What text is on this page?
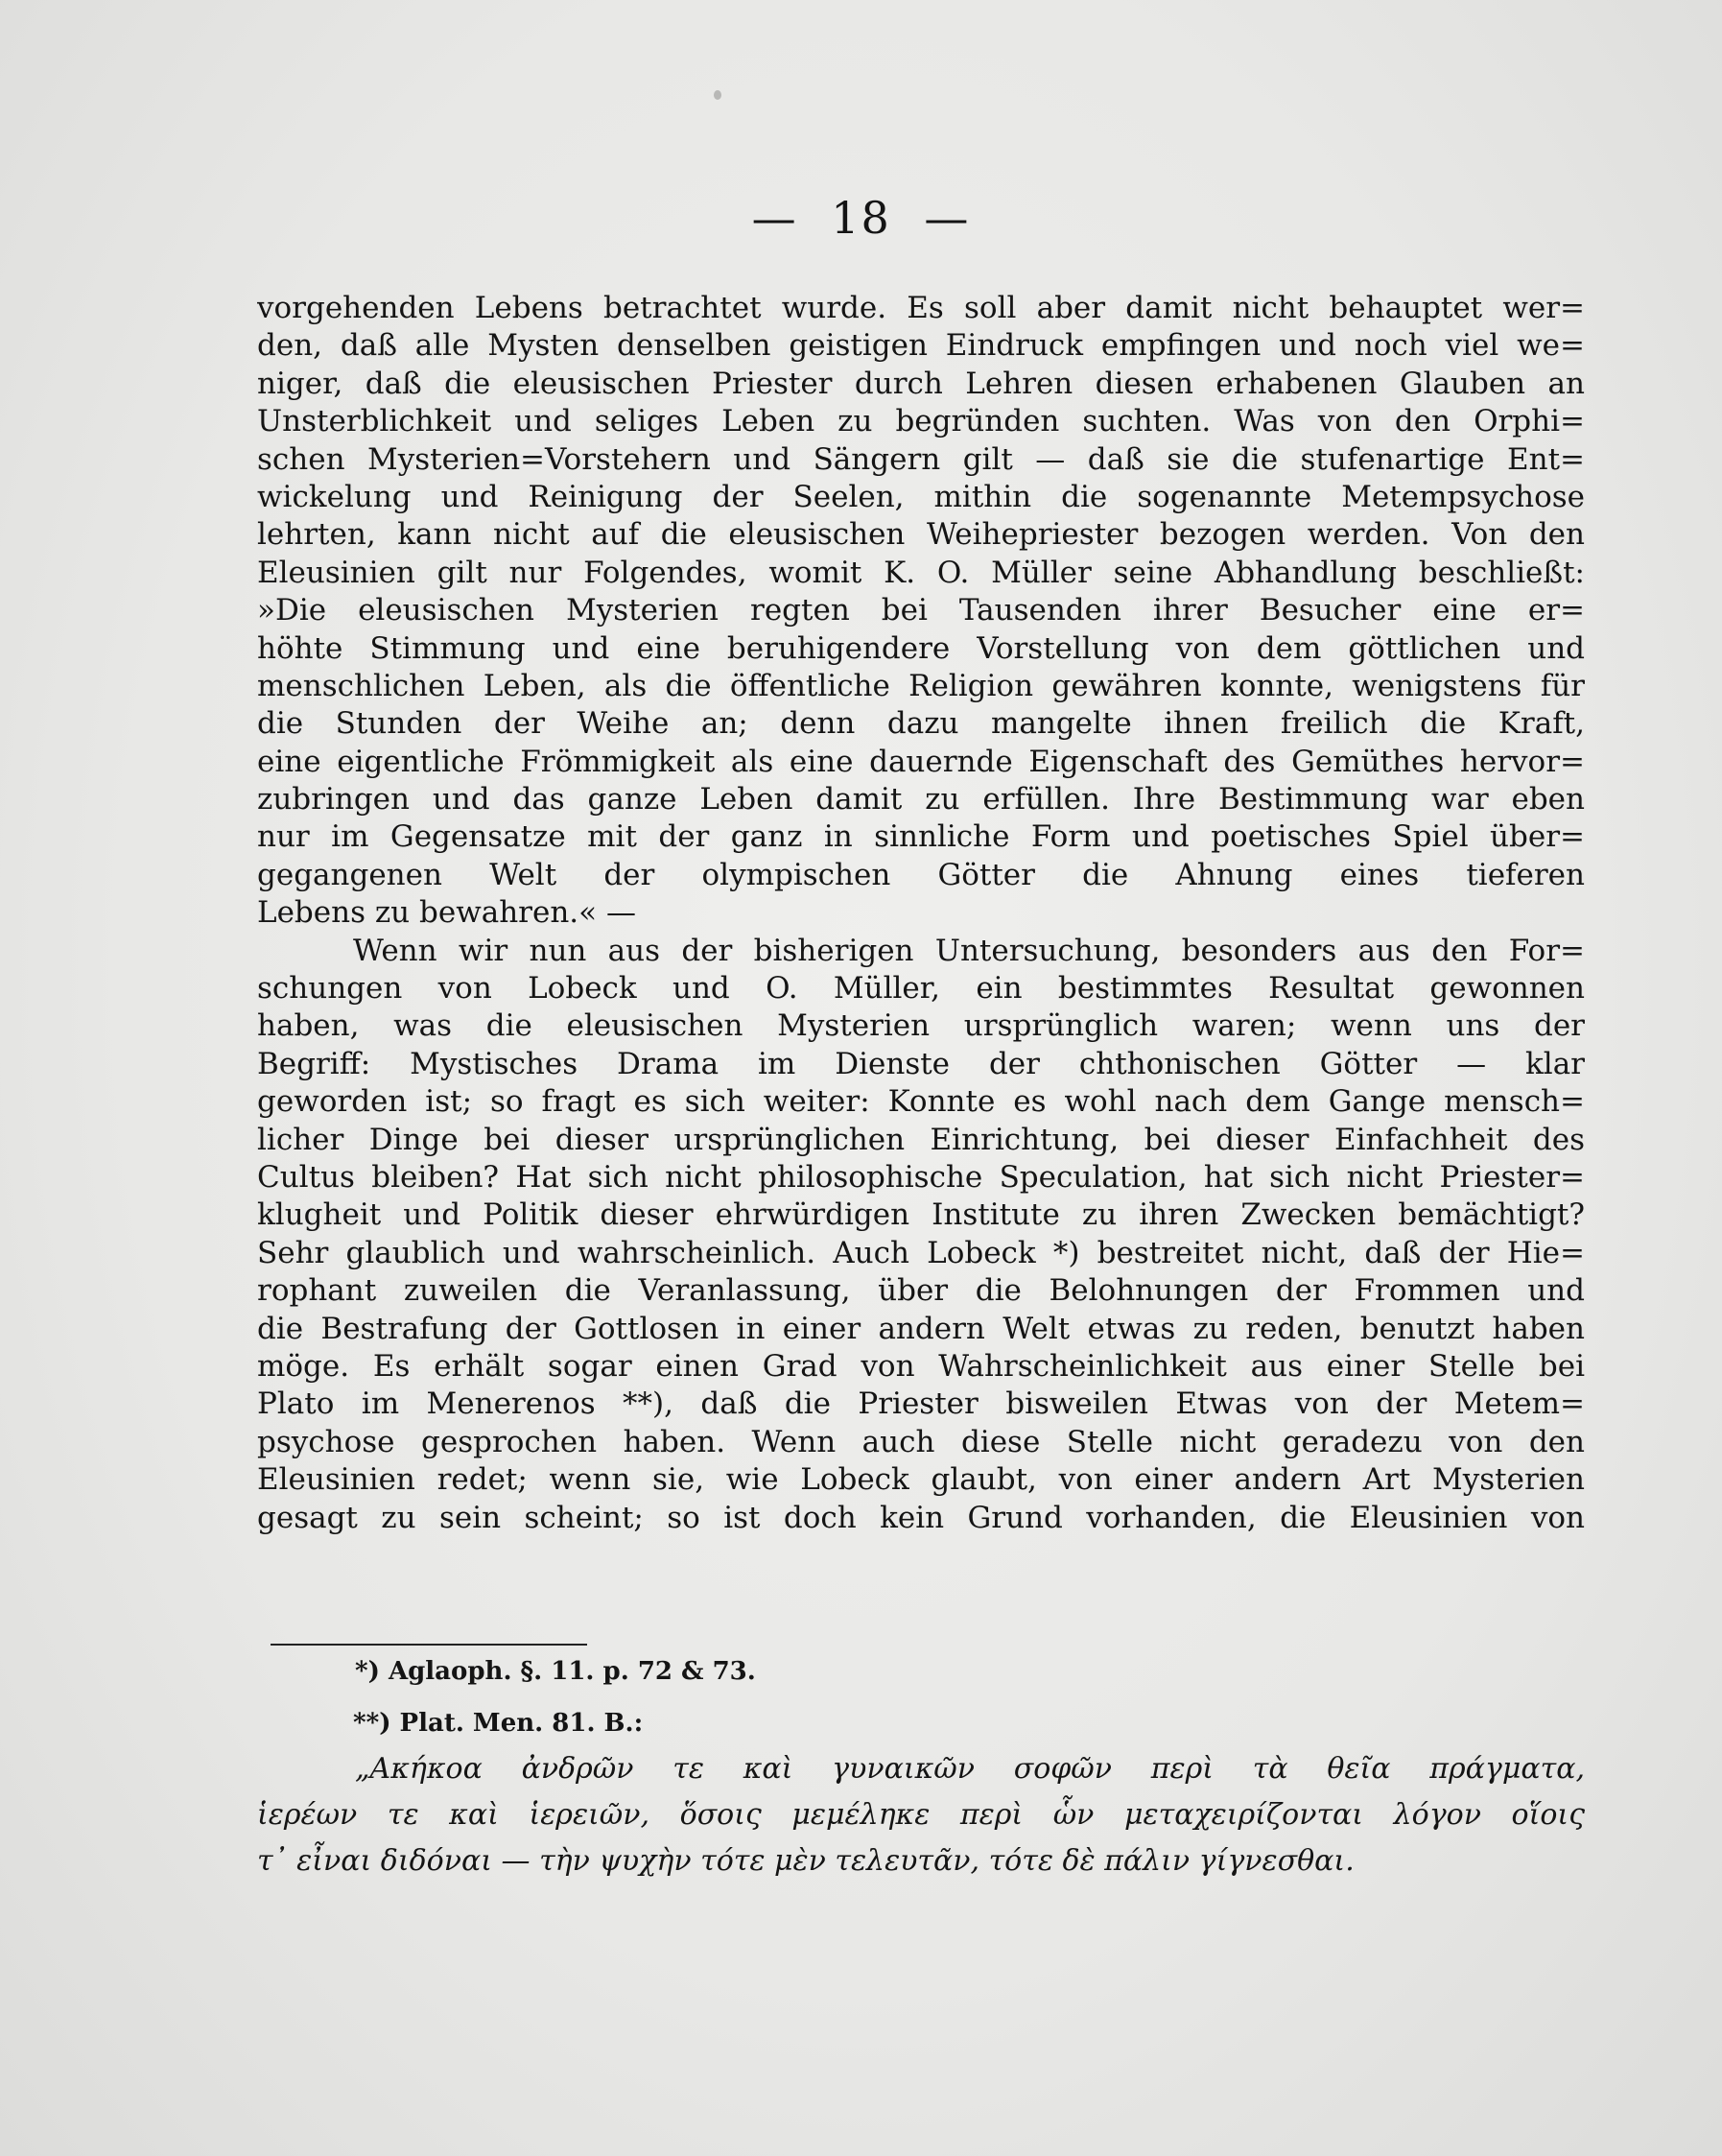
— 18 —
vorgehenden Lebens betrachtet wurde. Es soll aber damit nicht behauptet wer=
den, daß alle Mysten denselben geistigen Eindruck empfingen und noch viel we=
niger, daß die eleusischen Priester durch Lehren diesen erhabenen Glauben an
Unsterblichkeit und seliges Leben zu begründen suchten. Was von den Orphi=
schen Mysterien=Vorstehern und Sängern gilt — daß sie die stufenartige Ent=
wickelung und Reinigung der Seelen, mithin die sogenannte Metempsychose
lehrten, kann nicht auf die eleusischen Weihepriester bezogen werden. Von den
Eleusinien gilt nur Folgendes, womit K. O. Müller seine Abhandlung beschließt:
»Die eleusischen Mysterien regten bei Tausenden ihrer Besucher eine er=
höhte Stimmung und eine beruhigendere Vorstellung von dem göttlichen und
menschlichen Leben, als die öffentliche Religion gewähren konnte, wenigstens für
die Stunden der Weihe an; denn dazu mangelte ihnen freilich die Kraft,
eine eigentliche Frömmigkeit als eine dauernde Eigenschaft des Gemüthes hervor=
zubringen und das ganze Leben damit zu erfüllen. Ihre Bestimmung war eben
nur im Gegensatze mit der ganz in sinnliche Form und poetisches Spiel über=
gegangenen Welt der olympischen Götter die Ahnung eines tieferen
Lebens zu bewahren.« —
Wenn wir nun aus der bisherigen Untersuchung, besonders aus den For=
schungen von Lobeck und O. Müller, ein bestimmtes Resultat gewonnen
haben, was die eleusischen Mysterien ursprünglich waren; wenn uns der
Begriff: Mystisches Drama im Dienste der chthonischen Götter — klar
geworden ist; so fragt es sich weiter: Konnte es wohl nach dem Gange mensch=
licher Dinge bei dieser ursprünglichen Einrichtung, bei dieser Einfachheit des
Cultus bleiben? Hat sich nicht philosophische Speculation, hat sich nicht Priester=
klugheit und Politik dieser ehrwürdigen Institute zu ihren Zwecken bemächtigt?
Sehr glaublich und wahrscheinlich. Auch Lobeck *) bestreitet nicht, daß der Hie=
rophant zuweilen die Veranlassung, über die Belohnungen der Frommen und
die Bestrafung der Gottlosen in einer andern Welt etwas zu reden, benutzt haben
möge. Es erhält sogar einen Grad von Wahrscheinlichkeit aus einer Stelle bei
Plato im Menerenos **), daß die Priester bisweilen Etwas von der Metem=
psychose gesprochen haben. Wenn auch diese Stelle nicht geradezu von den
Eleusinien redet; wenn sie, wie Lobeck glaubt, von einer andern Art Mysterien
gesagt zu sein scheint; so ist doch kein Grund vorhanden, die Eleusinien von
*) Aglaoph. §. 11. p. 72 & 73.
**) Plat. Men. 81. B.:
„Ακήκοα ἀνδρῶν τε καὶ γυναικῶν σοφῶν περὶ τὰ θεῖα πράγματα,
ἱερέων τε καὶ ἱερειῶν, ὅσοις μεμέληκε περὶ ὧν μεταχειρίζονται λόγον οἵοις
τ᾽ εἶναι διδόναι — τὴν ψυχὴν τότε μὲν τελευτᾶν, τότε δὲ πάλιν γίγνεσθαι.
